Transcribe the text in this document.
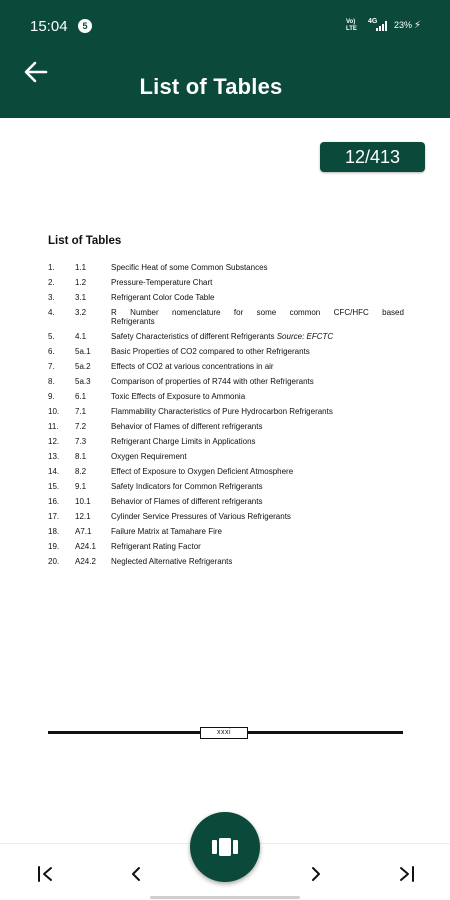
15:04	5	Vo)
LTE
4G 23% ⚡
List of Tables
12/413
List of Tables
1.	1.1	Specific Heat of some Common Substances
2.	1.2	Pressure-Temperature Chart
3.	3.1	Refrigerant Color Code Table
4.	3.2	R Number nomenclature for some common CFC/HFC based
Refrigerants
5.	4.1	Safety Characteristics of different Refrigerants Source: EFCTC
6.	5a.1	Basic Properties of CO2 compared to other Refrigerants
7.	5a.2	Effects of CO2 at various concentrations in air
8.	5a.3	Comparison of properties of R744 with other Refrigerants
9.	6.1	Toxic Effects of Exposure to Ammonia
10.	7.1	Flammability Characteristics of Pure Hydrocarbon Refrigerants
11.	7.2	Behavior of Flames of different refrigerants
12.	7.3	Refrigerant Charge Limits in Applications
13.	8.1	Oxygen Requirement
14.	8.2	Effect of Exposure to Oxygen Deficient Atmosphere
15.	9.1	Safety Indicators for Common Refrigerants
16.	10.1	Behavior of Flames of different refrigerants
17.	12.1	Cylinder Service Pressures of Various Refrigerants
18.	A7.1	Failure Matrix at Tamahare Fire
19.	A24.1	Refrigerant Rating Factor
20.	A24.2	Neglected Alternative Refrigerants
xxxi
